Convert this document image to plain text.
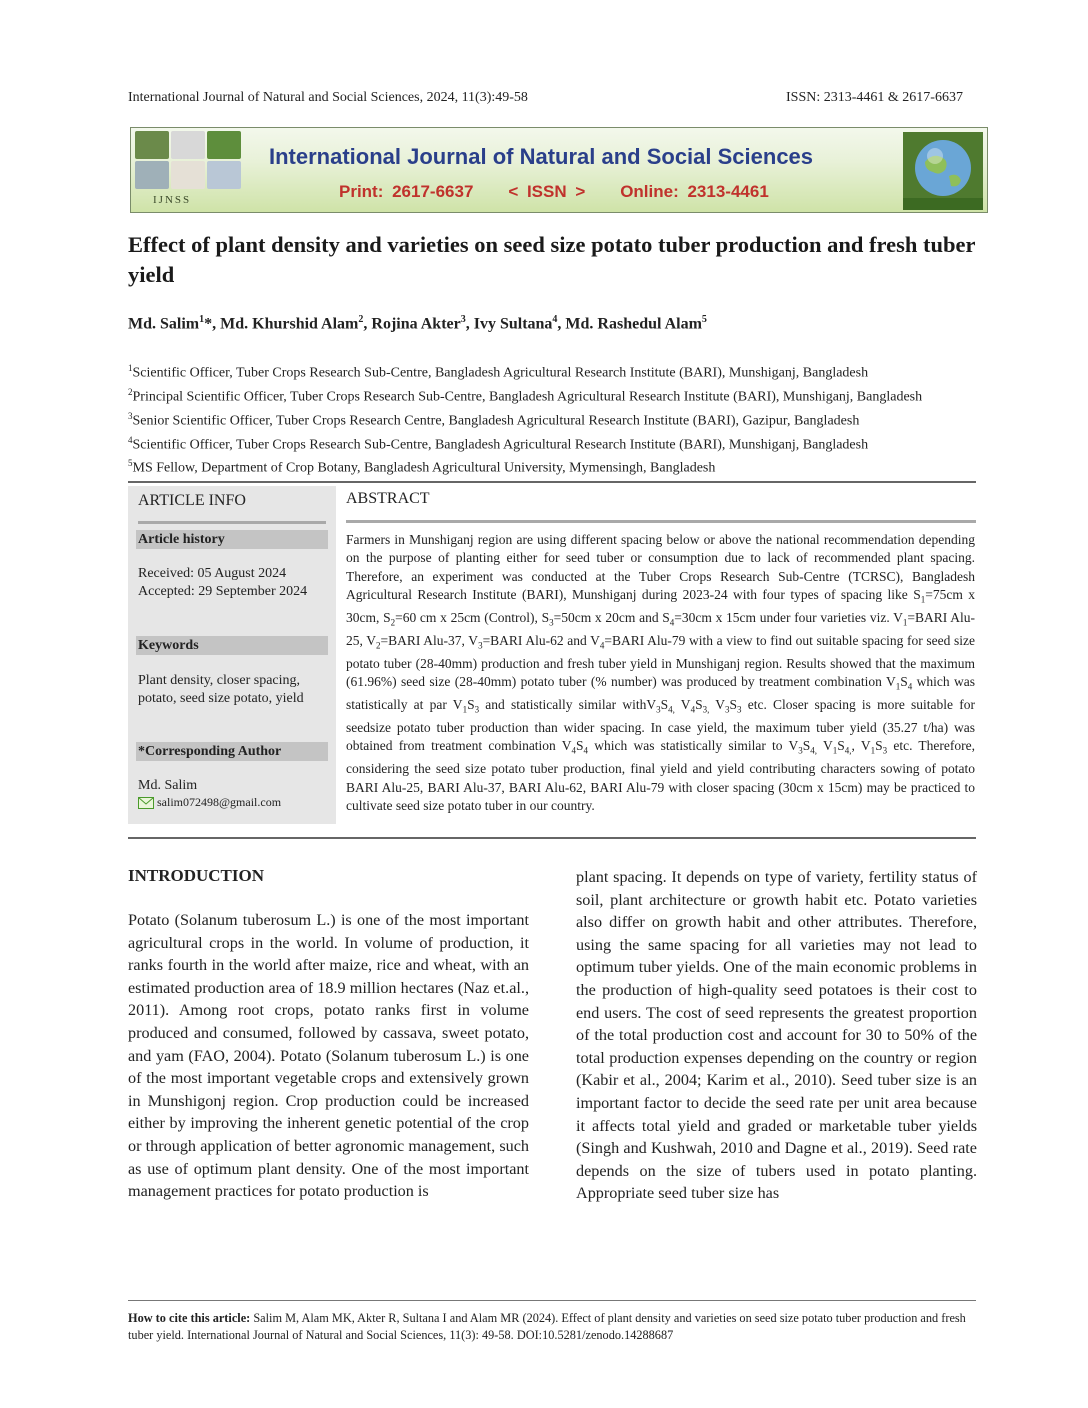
International Journal of Natural and Social Sciences, 2024, 11(3):49-58	ISSN: 2313-4461 & 2617-6637
IJNSS
International Journal of Natural and Social Sciences
Print: 2617-6637 < ISSN > Online: 2313-4461
Effect of plant density and varieties on seed size potato tuber production and fresh tuber yield
Md. Salim$^1$*, Md. Khurshid Alam$^2$, Rojina Akter$^3$, Ivy Sultana$^4$, Md. Rashedul Alam$^5$
$^1$Scientific Officer, Tuber Crops Research Sub-Centre, Bangladesh Agricultural Research Institute (BARI), Munshiganj, Bangladesh
$^2$Principal Scientific Officer, Tuber Crops Research Sub-Centre, Bangladesh Agricultural Research Institute (BARI), Munshiganj, Bangladesh
$^3$Senior Scientific Officer, Tuber Crops Research Centre, Bangladesh Agricultural Research Institute (BARI), Gazipur, Bangladesh
$^4$Scientific Officer, Tuber Crops Research Sub-Centre, Bangladesh Agricultural Research Institute (BARI), Munshiganj, Bangladesh
$^5$MS Fellow, Department of Crop Botany, Bangladesh Agricultural University, Mymensingh, Bangladesh
ARTICLE INFO
Article history
Received: 05 August 2024
Accepted: 29 September 2024
Keywords
Plant density, closer spacing, potato, seed size potato, yield
*Corresponding Author
Md. Salim
salim072498@gmail.com
ABSTRACT
Farmers in Munshiganj region are using different spacing below or above the national recommendation depending on the purpose of planting either for seed tuber or consumption due to lack of recommended plant spacing. Therefore, an experiment was conducted at the Tuber Crops Research Sub-Centre (TCRSC), Bangladesh Agricultural Research Institute (BARI), Munshiganj during 2023-24 with four types of spacing like $S_1=75cm$ x 30cm, $S_2=60$ cm x 25cm (Control), $S_3=50cm$ x 20cm and $S_4=30cm$ x 15cm under four varieties viz. $V_1=BARI$ Alu-25, $V_2=BARI$ Alu-37, $V_3=BARI$ Alu-62 and $V_4=BARI$ Alu-79 with a view to find out suitable spacing for seed size potato tuber (28-40mm) production and fresh tuber yield in Munshiganj region. Results showed that the maximum (61.96%) seed size (28-40mm) potato tuber (% number) was produced by treatment combination $V_1S_4$ which was statistically at par $V_1S_3$ and statistically similar $withV_3S_{4,}$ $V_4S_{3,}$ $V_3S_3$ etc. Closer spacing is more suitable for seedsize potato tuber production than wider spacing. In case yield, the maximum tuber yield (35.27 t/ha) was obtained from treatment combination $V_4S_4$ which was statistically similar to $V_3S_{4,}$ $V_1S_{4,}$, $V_1S_3$ etc. Therefore, considering the seed size potato tuber production, final yield and yield contributing characters sowing of potato BARI Alu-25, BARI Alu-37, BARI Alu-62, BARI Alu-79 with closer spacing (30cm x 15cm) may be practiced to cultivate seed size potato tuber in our country.
INTRODUCTION
Potato (Solanum tuberosum L.) is one of the most important agricultural crops in the world. In volume of production, it ranks fourth in the world after maize, rice and wheat, with an estimated production area of 18.9 million hectares (Naz et.al., 2011). Among root crops, potato ranks first in volume produced and consumed, followed by cassava, sweet potato, and yam (FAO, 2004). Potato (Solanum tuberosum L.) is one of the most important vegetable crops and extensively grown in Munshigonj region. Crop production could be increased either by improving the inherent genetic potential of the crop or through application of better agronomic management, such as use of optimum plant density. One of the most important management practices for potato production is
plant spacing. It depends on type of variety, fertility status of soil, plant architecture or growth habit etc. Potato varieties also differ on growth habit and other attributes. Therefore, using the same spacing for all varieties may not lead to optimum tuber yields. One of the main economic problems in the production of high-quality seed potatoes is their cost to end users. The cost of seed represents the greatest proportion of the total production cost and account for 30 to 50% of the total production expenses depending on the country or region (Kabir et al., 2004; Karim et al., 2010). Seed tuber size is an important factor to decide the seed rate per unit area because it affects total yield and graded or marketable tuber yields (Singh and Kushwah, 2010 and Dagne et al., 2019). Seed rate depends on the size of tubers used in potato planting. Appropriate seed tuber size has
How to cite this article: Salim M, Alam MK, Akter R, Sultana I and Alam MR (2024). Effect of plant density and varieties on seed size potato tuber production and fresh tuber yield. International Journal of Natural and Social Sciences, 11(3): 49-58. DOI:10.5281/zenodo.14288687
